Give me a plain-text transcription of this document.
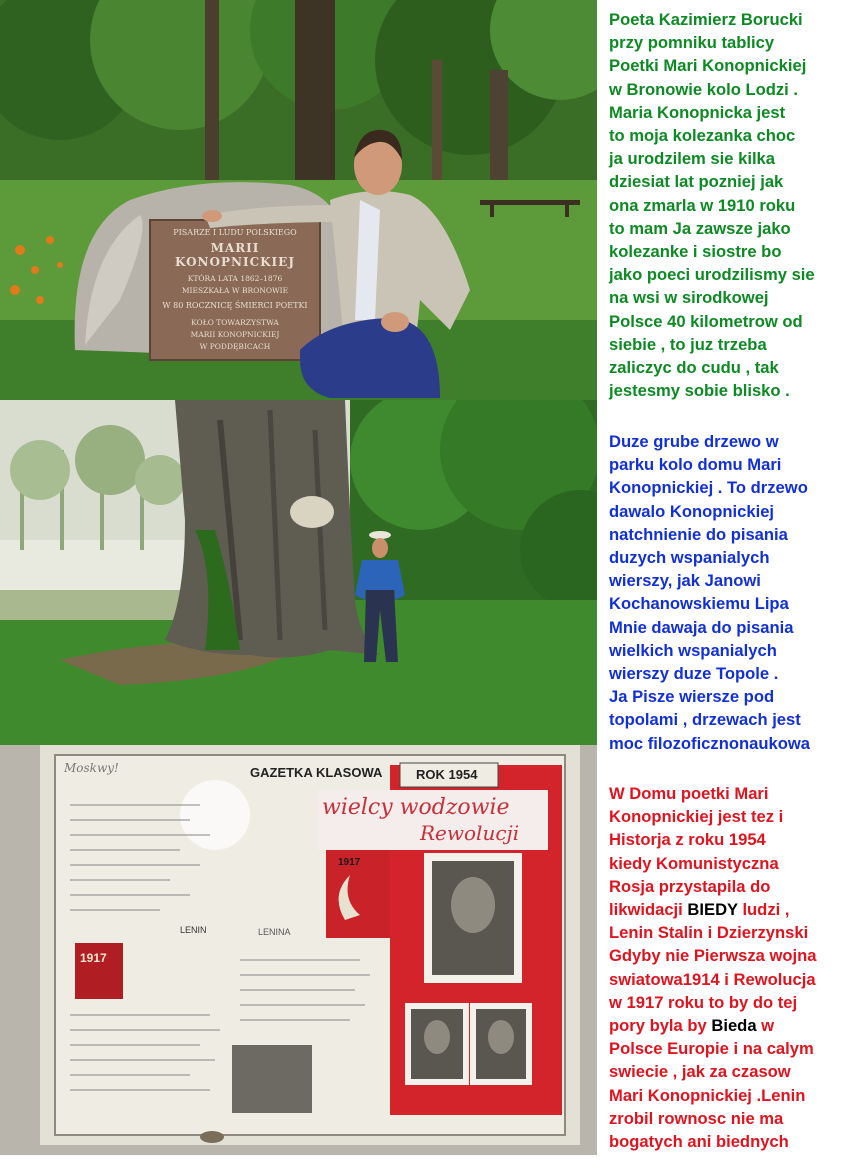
PISARZE I LUDU POLSKIEGO
MARII KONOPNICKIEJ
KTÓRA LATA 1862–1876
MIESZKAŁA W BRONOWIE
W 80 ROCZNICĘ ŚMIERCI POETKI
KOŁO TOWARZYSTWA
MARII KONOPNICKIEJ
W PODDĘBICACH
GAZETKA KLASOWA	ROK 1954
wielcy wodzowie
Rewolucji
LENIN	LENINA
1917
1917
Moskwy!
Poeta Kazimierz Borucki
przy pomniku tablicy
Poetki Mari Konopnickiej
w Bronowie kolo Lodzi .
Maria Konopnicka jest
to moja kolezanka choc
ja urodzilem sie kilka
dziesiat lat pozniej jak
ona zmarla w 1910 roku
to mam Ja zawsze jako
kolezanke i siostre bo
jako poeci urodzilismy sie
na wsi w sirodkowej
Polsce 40 kilometrow od
siebie , to juz trzeba
zaliczyc do cudu , tak
jestesmy sobie blisko .
Duze grube drzewo w
parku kolo domu Mari
Konopnickiej . To drzewo
dawalo Konopnickiej
natchnienie do pisania
duzych wspanialych
wierszy, jak Janowi
Kochanowskiemu Lipa
Mnie dawaja do pisania
wielkich wspanialych
wierszy duze Topole .
Ja Pisze wiersze pod
topolami , drzewach jest
moc filozoficznonaukowa
W Domu poetki Mari
Konopnickiej jest tez i
Historja z roku 1954
kiedy Komunistyczna
Rosja przystapila do
likwidacji BIEDY ludzi ,
Lenin Stalin i Dzierzynski
Gdyby nie Pierwsza wojna
swiatowa1914 i Rewolucja
w 1917 roku to by do tej
pory byla by Bieda w
Polsce Europie i na calym
swiecie , jak za czasow
Mari Konopnickiej .Lenin
zrobil rownosc nie ma
bogatych ani biednych
